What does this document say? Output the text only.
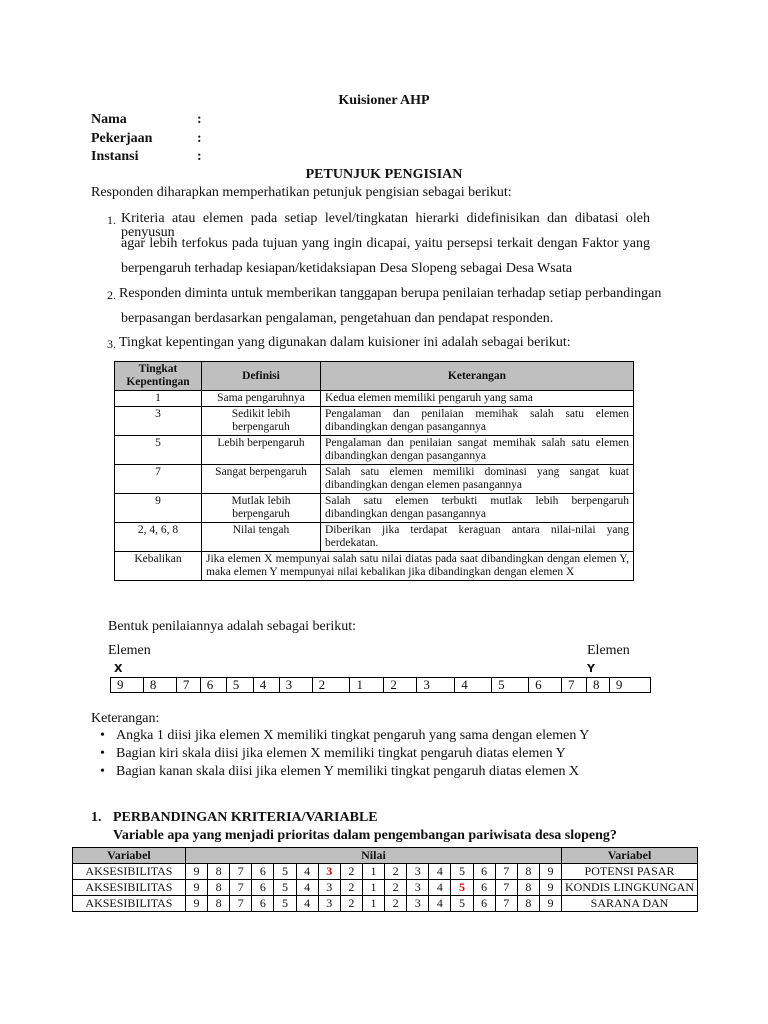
Kuisioner AHP
Nama	:
Pekerjaan	:
Instansi	:
PETUNJUK PENGISIAN
Responden diharapkan memperhatikan petunjuk pengisian sebagai berikut:
1. Kriteria atau elemen pada setiap level/tingkatan hierarki didefinisikan dan dibatasi oleh penyusun
agar lebih terfokus pada tujuan yang ingin dicapai, yaitu persepsi terkait dengan Faktor yang
berpengaruh terhadap kesiapan/ketidaksiapan Desa Slopeng sebagai Desa Wsata
2. Responden diminta untuk memberikan tanggapan berupa penilaian terhadap setiap perbandingan
berpasangan berdasarkan pengalaman, pengetahuan dan pendapat responden.
3. Tingkat kepentingan yang digunakan dalam kuisioner ini adalah sebagai berikut:
Tingkat Kepentingan	Definisi	Keterangan
1	Sama pengaruhnya	Kedua elemen memiliki pengaruh yang sama
3	Sedikit lebih berpengaruh	Pengalaman dan penilaian memihak salah satu elemen dibandingkan dengan pasangannya
5	Lebih berpengaruh	Pengalaman dan penilaian sangat memihak salah satu elemen dibandingkan dengan pasangannya
7	Sangat berpengaruh	Salah satu elemen memiliki dominasi yang sangat kuat dibandingkan dengan elemen pasangannya
9	Mutlak lebih berpengaruh	Salah satu elemen terbukti mutlak lebih berpengaruh dibandingkan dengan pasangannya
2, 4, 6, 8	Nilai tengah	Diberikan jika terdapat keraguan antara nilai-nilai yang berdekatan.
Kebalikan	Jika elemen X mempunyai salah satu nilai diatas pada saat dibandingkan dengan elemen Y, maka elemen Y mempunyai nilai kebalikan jika dibandingkan dengan elemen X	
Bentuk penilaiannya adalah sebagai berikut:
Elemen
X
Elemen
Y
9	8	7	6	5	4	3	2	1	2	3	4	5	6	7	8	9
Keterangan:
• Angka 1 diisi jika elemen X memiliki tingkat pengaruh yang sama dengan elemen Y
• Bagian kiri skala diisi jika elemen X memiliki tingkat pengaruh diatas elemen Y
• Bagian kanan skala diisi jika elemen Y memiliki tingkat pengaruh diatas elemen X
1. PERBANDINGAN KRITERIA/VARIABLE
Variable apa yang menjadi prioritas dalam pengembangan pariwisata desa slopeng?
Variabel	Nilai																	Variabel
AKSESIBILITAS	9	8	7	6	5	4	3	2	1	2	3	4	5	6	7	8	9	POTENSI PASAR
AKSESIBILITAS	9	8	7	6	5	4	3	2	1	2	3	4	5	6	7	8	9	KONDIS LINGKUNGAN
AKSESIBILITAS	9	8	7	6	5	4	3	2	1	2	3	4	5	6	7	8	9	SARANA DAN
